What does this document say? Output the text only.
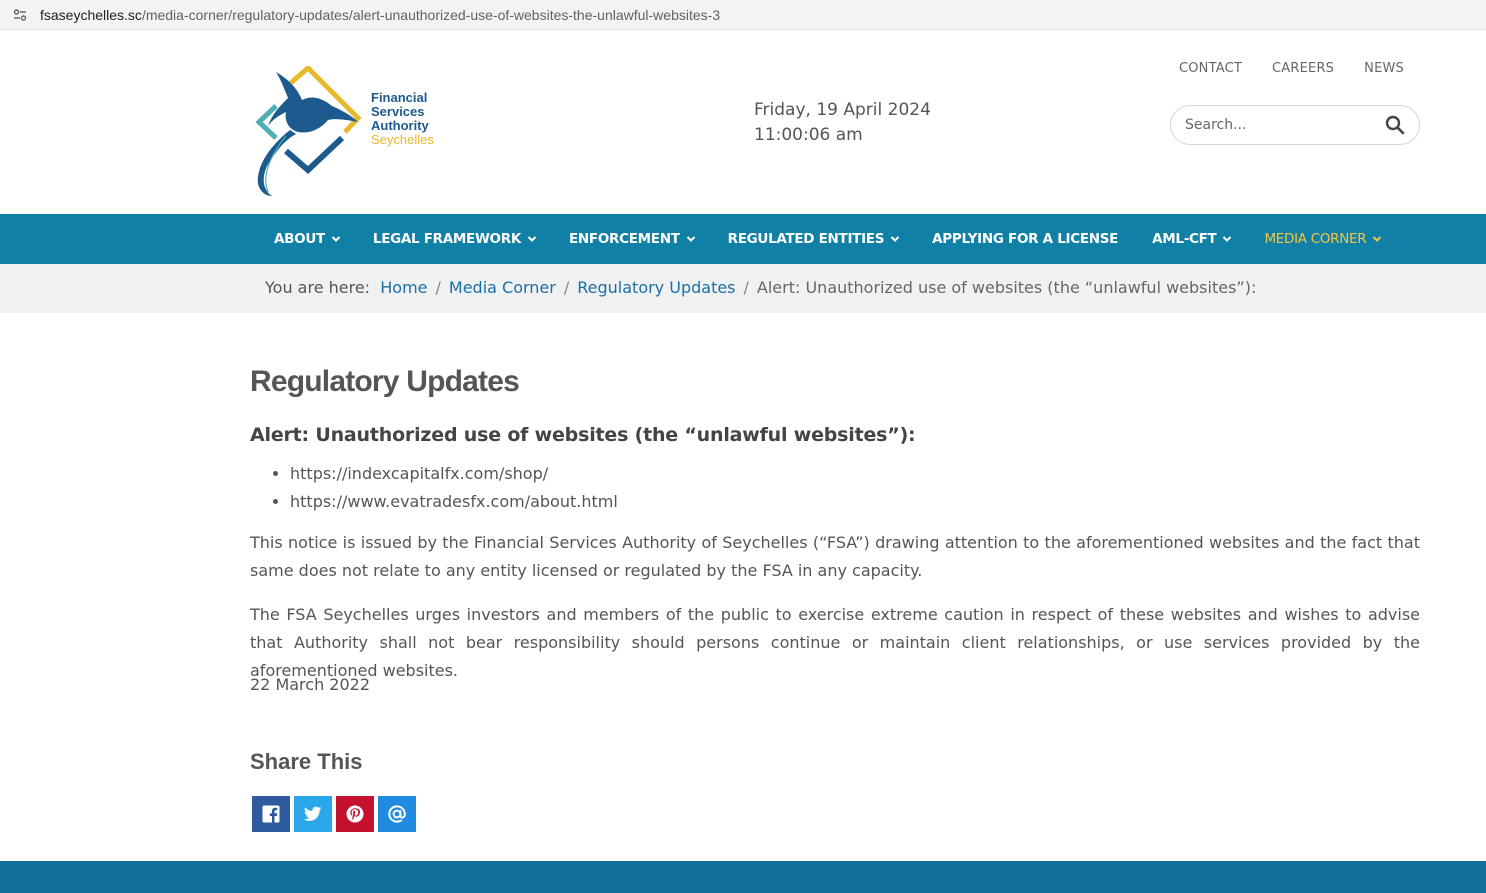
fsaseychelles.sc/media-corner/regulatory-updates/alert-unauthorized-use-of-websites-the-unlawful-websites-3
Financial
Services
Authority
Seychelles
Friday, 19 April 2024
11:00:06 am
CONTACT CAREERS NEWS
Search...
ABOUT	LEGAL FRAMEWORK	ENFORCEMENT	REGULATED ENTITIES	APPLYING FOR A LICENSE	AML-CFT	MEDIA CORNER
You are here: Home / Media Corner / Regulatory Updates / Alert: Unauthorized use of websites (the “unlawful websites”):
Regulatory Updates
Alert: Unauthorized use of websites (the “unlawful websites”):
• https://indexcapitalfx.com/shop/
• https://www.evatradesfx.com/about.html

This notice is issued by the Financial Services Authority of Seychelles (“FSA”) drawing attention to the aforementioned websites and the fact that same does not relate to any entity licensed or regulated by the FSA in any capacity.

The FSA Seychelles urges investors and members of the public to exercise extreme caution in respect of these websites and wishes to advise that Authority shall not bear responsibility should persons continue or maintain client relationships, or use services provided by the aforementioned websites.

22 March 2022
Share This
